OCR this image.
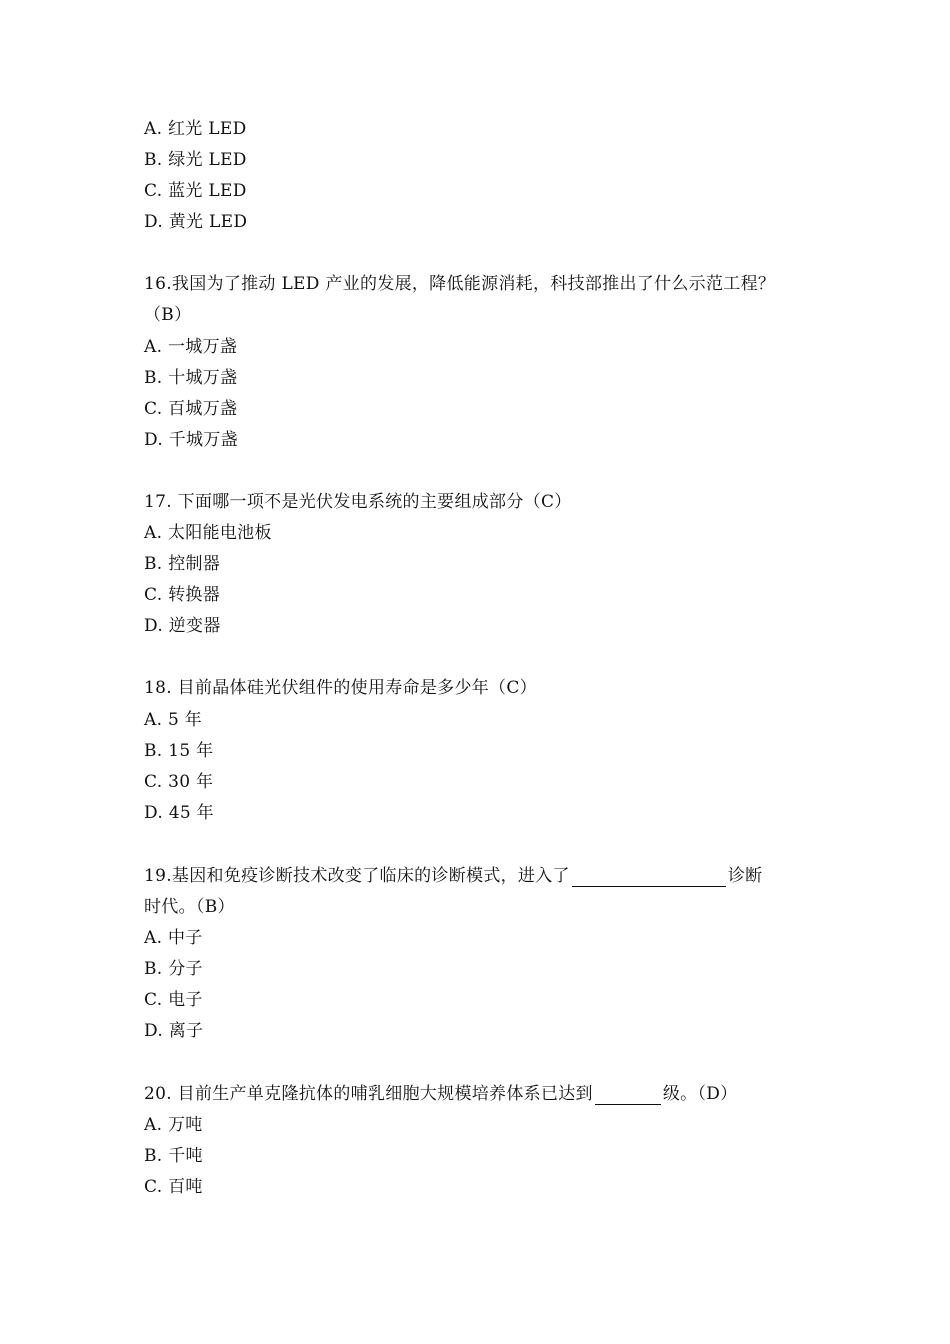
A. 红光 LED
B. 绿光 LED
C. 蓝光 LED
D. 黄光 LED
16.我国为了推动 LED 产业的发展，降低能源消耗，科技部推出了什么示范工程？
（B）
A. 一城万盏
B. 十城万盏
C. 百城万盏
D. 千城万盏
17. 下面哪一项不是光伏发电系统的主要组成部分（C）
A. 太阳能电池板
B. 控制器
C. 转换器
D. 逆变器
18. 目前晶体硅光伏组件的使用寿命是多少年（C）
A. 5 年
B. 15 年
C. 30 年
D. 45 年
19.基因和免疫诊断技术改变了临床的诊断模式，进入了	诊断
时代。（B）
A. 中子
B. 分子
C. 电子
D. 离子
20. 目前生产单克隆抗体的哺乳细胞大规模培养体系已达到	级。（D）
A. 万吨
B. 千吨
C. 百吨
